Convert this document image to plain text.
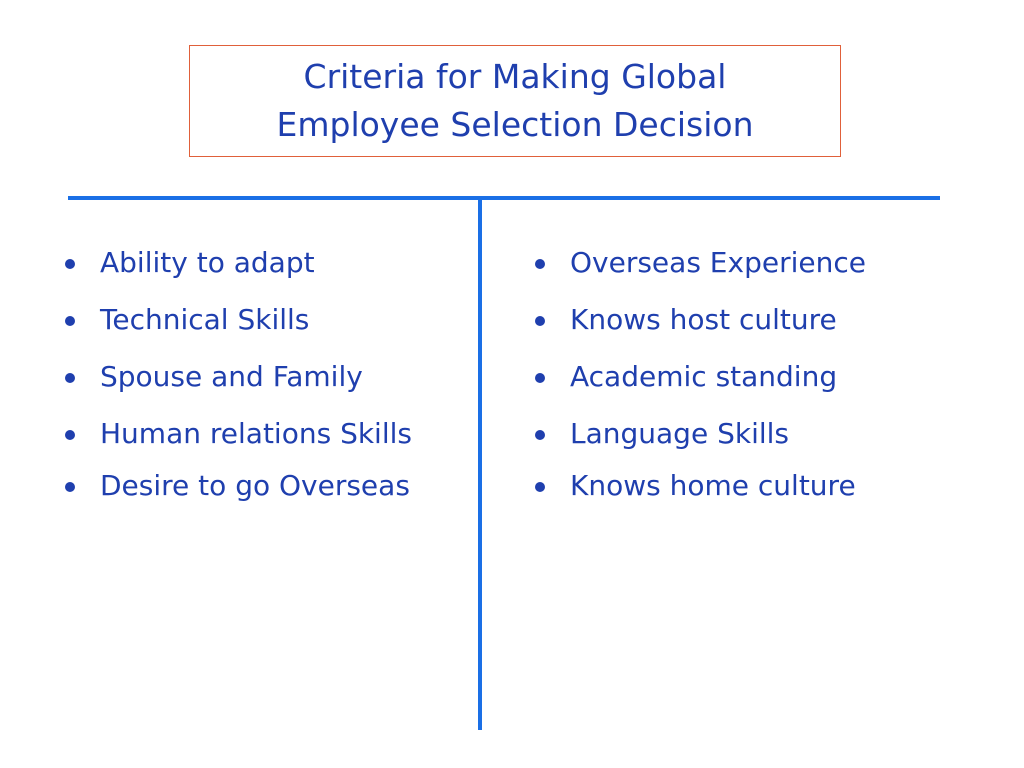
Criteria for Making Global
Employee Selection Decision
Ability to adapt
Technical Skills
Spouse and Family
Human relations Skills
Desire to go Overseas
Overseas Experience
Knows host culture
Academic standing
Language Skills
Knows home culture
